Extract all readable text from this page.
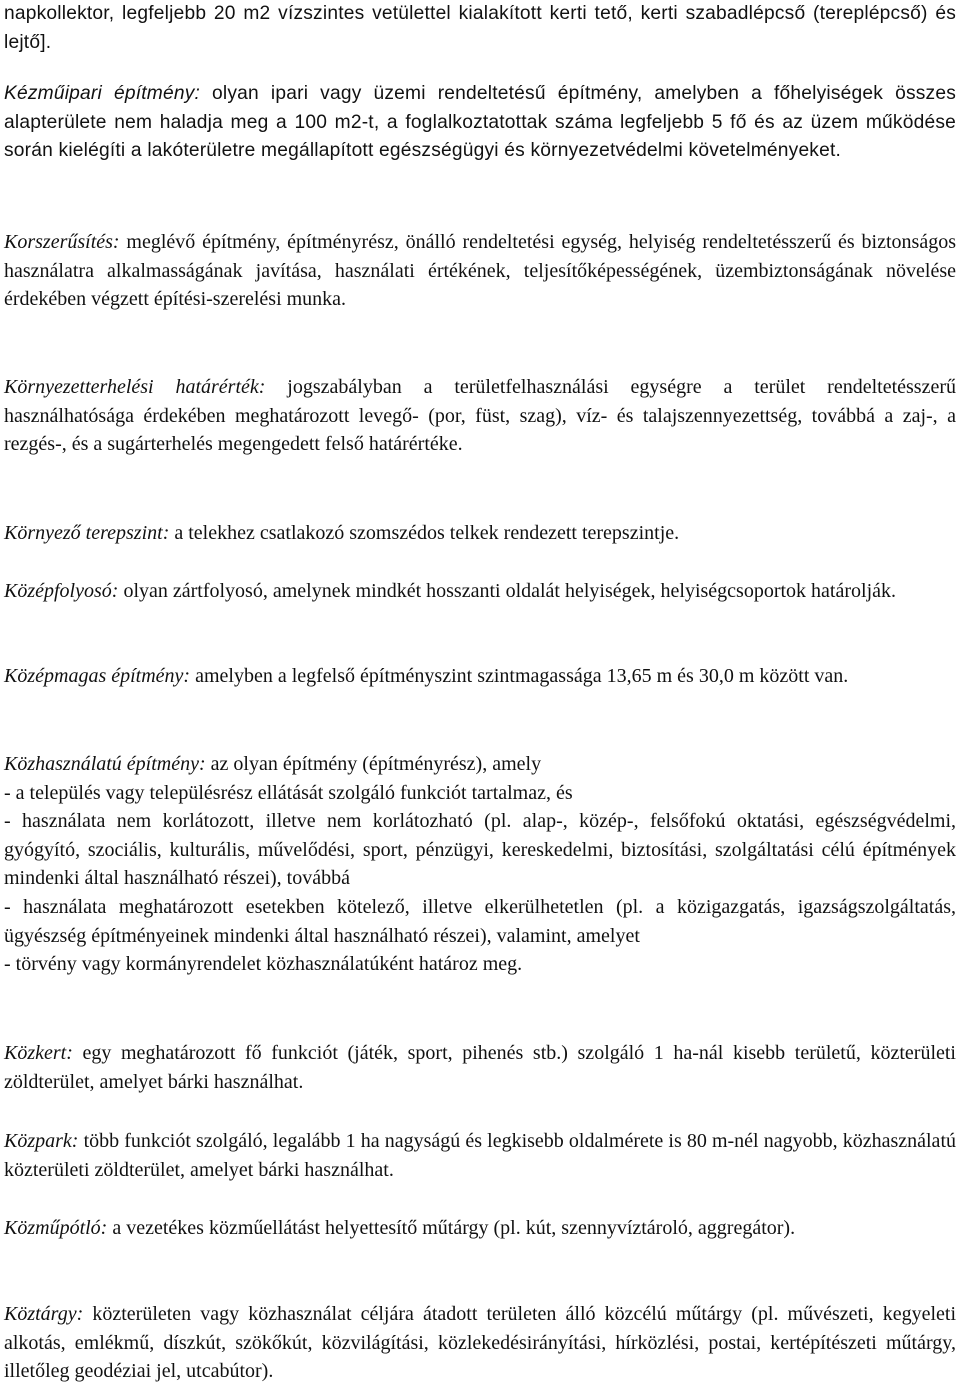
napkollektor, legfeljebb 20 m2 vízszintes vetülettel kialakított kerti tető, kerti szabadlépcső (tereplépcső) és lejtő].

Kézműipari építmény: olyan ipari vagy üzemi rendeltetésű építmény, amelyben a főhelyiségek összes alapterülete nem haladja meg a 100 m2-t, a foglalkoztatottak száma legfeljebb 5 fő és az üzem működése során kielégíti a lakóterületre megállapított egészségügyi és környezetvédelmi követelményeket.

Korszerűsítés: meglévő építmény, építményrész, önálló rendeltetési egység, helyiség rendeltetésszerű és biztonságos használatra alkalmasságának javítása, használati értékének, teljesítőképességének, üzembiztonságának növelése érdekében végzett építési-szerelési munka.

Környezetterhelési határérték: jogszabályban a területfelhasználási egységre a terület rendeltetésszerű használhatósága érdekében meghatározott levegő- (por, füst, szag), víz- és talajszennyezettség, továbbá a zaj-, a rezgés-, és a sugárterhelés megengedett felső határértéke.

Környező terepszint: a telekhez csatlakozó szomszédos telkek rendezett terepszintje.

Középfolyosó: olyan zártfolyosó, amelynek mindkét hosszanti oldalát helyiségek, helyiségcsoportok határolják.

Középmagas építmény: amelyben a legfelső építményszint szintmagassága 13,65 m és 30,0 m között van.

Közhasználatú építmény: az olyan építmény (építményrész), amely
- a település vagy településrész ellátását szolgáló funkciót tartalmaz, és
- használata nem korlátozott, illetve nem korlátozható (pl. alap-, közép-, felsőfokú oktatási, egészségvédelmi, gyógyító, szociális, kulturális, művelődési, sport, pénzügyi, kereskedelmi, biztosítási, szolgáltatási célú építmények mindenki által használható részei), továbbá
- használata meghatározott esetekben kötelező, illetve elkerülhetetlen (pl. a közigazgatás, igazságszolgáltatás, ügyészség építményeinek mindenki által használható részei), valamint, amelyet
- törvény vagy kormányrendelet közhasználatúként határoz meg.

Közkert: egy meghatározott fő funkciót (játék, sport, pihenés stb.) szolgáló 1 ha-nál kisebb területű, közterületi zöldterület, amelyet bárki használhat.

Közpark: több funkciót szolgáló, legalább 1 ha nagyságú és legkisebb oldalmérete is 80 m-nél nagyobb, közhasználatú közterületi zöldterület, amelyet bárki használhat.

Közműpótló: a vezetékes közműellátást helyettesítő műtárgy (pl. kút, szennyvíztároló, aggregátor).

Köztárgy: közterületen vagy közhasználat céljára átadott területen álló közcélú műtárgy (pl. művészeti, kegyeleti alkotás, emlékmű, díszkút, szökőkút, közvilágítási, közlekedésirányítási, hírközlési, postai, kertépítészeti műtárgy, illetőleg geodéziai jel, utcabútor).
